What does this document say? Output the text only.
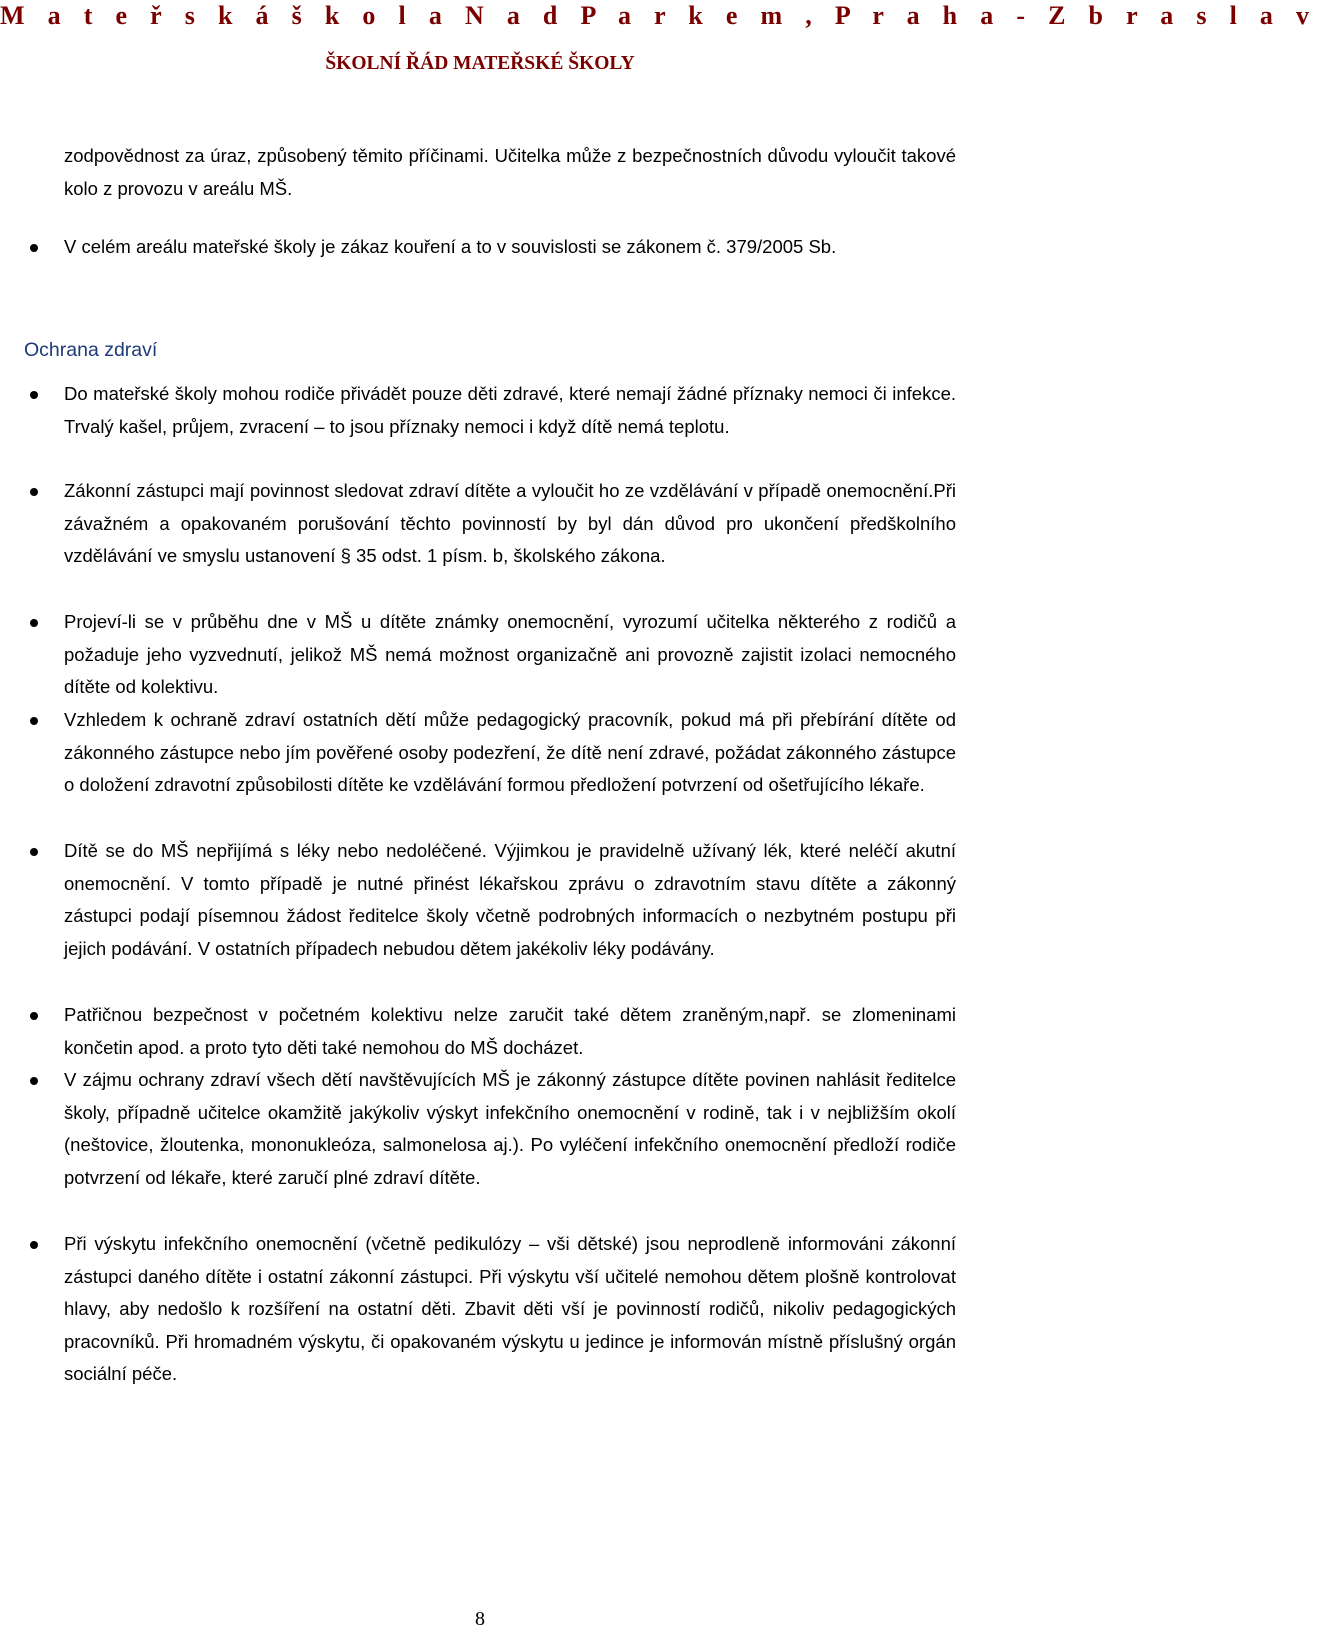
M a t e ř s k á š k o l a N a d P a r k e m , P r a h a - Z b r a s l a v
ŠKOLNÍ ŘÁD MATEŘSKÉ ŠKOLY
zodpovědnost za úraz, způsobený těmito příčinami. Učitelka může z bezpečnostních důvodu vyloučit takové kolo z provozu v areálu MŠ.
V celém areálu mateřské školy je zákaz kouření a to v souvislosti se zákonem č. 379/2005 Sb.
Ochrana zdraví
Do mateřské školy mohou rodiče přivádět pouze děti zdravé, které nemají žádné příznaky nemoci či infekce. Trvalý kašel, průjem, zvracení – to jsou příznaky nemoci i když dítě nemá teplotu.
Zákonní zástupci mají povinnost sledovat zdraví dítěte a vyloučit ho ze vzdělávání v případě onemocnění.Při závažném a opakovaném porušování těchto povinností by byl dán důvod pro ukončení předškolního vzdělávání ve smyslu ustanovení § 35 odst. 1 písm. b, školského zákona.
Projeví-li se v průběhu dne v MŠ u dítěte známky onemocnění, vyrozumí učitelka některého z rodičů a požaduje jeho vyzvednutí, jelikož MŠ nemá možnost organizačně ani provozně zajistit izolaci nemocného dítěte od kolektivu.
Vzhledem k ochraně zdraví ostatních dětí může pedagogický pracovník, pokud má při přebírání dítěte od zákonného zástupce nebo jím pověřené osoby podezření, že dítě není zdravé, požádat zákonného zástupce o doložení zdravotní způsobilosti dítěte ke vzdělávání formou předložení potvrzení od ošetřujícího lékaře.
Dítě se do MŠ nepřijímá s léky nebo nedoléčené. Výjimkou je pravidelně užívaný lék, které neléčí akutní onemocnění. V tomto případě je nutné přinést lékařskou zprávu o zdravotním stavu dítěte a zákonný zástupci podají písemnou žádost ředitelce školy včetně podrobných informacích o nezbytném postupu při jejich podávání. V ostatních případech nebudou dětem jakékoliv léky podávány.
Patřičnou bezpečnost v početném kolektivu nelze zaručit také dětem zraněným,např. se zlomeninami končetin apod. a proto tyto děti také nemohou do MŠ docházet.
V zájmu ochrany zdraví všech dětí navštěvujících MŠ je zákonný zástupce dítěte povinen nahlásit ředitelce školy, případně učitelce okamžitě jakýkoliv výskyt infekčního onemocnění v rodině, tak i v nejbližším okolí (neštovice, žloutenka, mononukleóza, salmonelosa aj.). Po vyléčení infekčního onemocnění předloží rodiče potvrzení od lékaře, které zaručí plné zdraví dítěte.
Při výskytu infekčního onemocnění (včetně pedikulózy – vši dětské) jsou neprodleně informováni zákonní zástupci daného dítěte i ostatní zákonní zástupci. Při výskytu vší učitelé nemohou dětem plošně kontrolovat hlavy, aby nedošlo k rozšíření na ostatní děti. Zbavit děti vší je povinností rodičů, nikoliv pedagogických pracovníků. Při hromadném výskytu, či opakovaném výskytu u jedince je informován místně příslušný orgán sociální péče.
8
